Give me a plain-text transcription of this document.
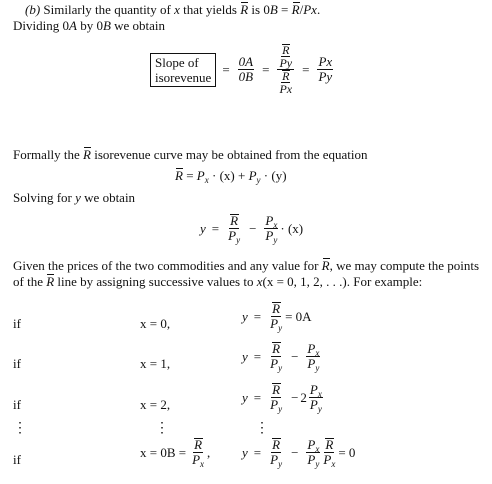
(b) Similarly the quantity of x that yields R is 0B = R/Px.
Dividing 0A by 0B we obtain
Slope of
isorevenue = $\frac{0A}{0B} = \frac{\frac{R}{Py}}{\frac{R}{Px}} = \frac{Px}{Py}$
Formally the R isorevenue curve may be obtained from the equation
$R = P_x \cdot (x) + P_y \cdot (y)$
Solving for y we obtain
$y = \frac{R}{P_y} - \frac{P_x}{P_y} \cdot (x)$
Given the prices of the two commodities and any value for R, we may compute the points
of the R line by assigning successive values to x(x = 0, 1, 2, . . .). For example:
if	x = 0,	$y = \frac{R}{P_y} = 0A$
if	x = 1,	$y = \frac{R}{P_y} - \frac{P_x}{P_y}$
if	x = 2,	$y = \frac{R}{P_y} - 2 \frac{P_x}{P_y}$
⋮	⋮	⋮
if	$x = 0B = \frac{R}{P_x}$ , $y = \frac{R}{P_y} - \frac{P_x}{P_y} \frac{R}{P_x} = 0$
